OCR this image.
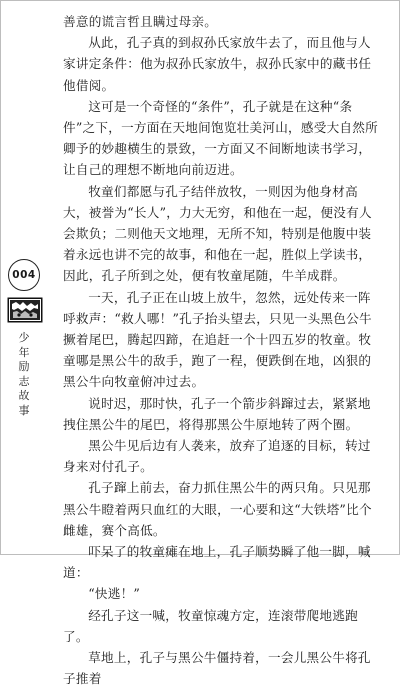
善意的谎言哲且瞒过母亲。

从此，孔子真的到叔孙氏家放牛去了，而且他与人家讲定条件：他为叔孙氏家放牛，叔孙氏家中的藏书任他借阅。

这可是一个奇怪的“条件”，孔子就是在这种“条件”之下，一方面在天地间饱览壮美河山，感受大自然所卿予的妙趣横生的景致，一方面又不间断地读书学习，让自己的理想不断地向前迈进。

牧童们都愿与孔子结伴放牧，一则因为他身材高大，被誉为“长人”，力大无穷，和他在一起，便没有人会欺负；二则他天文地理，无所不知，特别是他腹中装着永远也讲不完的故事，和他在一起，胜似上学读书，因此，孔子所到之处，便有牧童尾随，牛羊成群。

一天，孔子正在山坡上放牛，忽然，远处传来一阵呼救声：“救人哪！”孔子抬头望去，只见一头黑色公牛撅着尾巴，腾起四蹄，在追赶一个十四五岁的牧童。牧童哪是黑公牛的敌手，跑了一程，便跌倒在地，凶狠的黑公牛向牧童俯冲过去。

说时迟，那时快，孔子一个箭步斜蹿过去，紧紧地拽住黑公牛的尾巴，将得那黑公牛原地转了两个圈。

黑公牛见后边有人袭来，放弃了追逐的目标，转过身来对付孔子。

孔子蹿上前去，奋力抓住黑公牛的两只角。只见那黑公牛瞪着两只血红的大眼，一心要和这“大铁塔”比个雌雄，赛个高低。

吓呆了的牧童瘫在地上，孔子顺势瞬了他一脚，喊道：

“快逃！”

经孔子这一喊，牧童惊魂方定，连滚带爬地逃跑了。

草地上，孔子与黑公牛僵持着，一会儿黑公牛将孔子推着

004
少年励志故事
